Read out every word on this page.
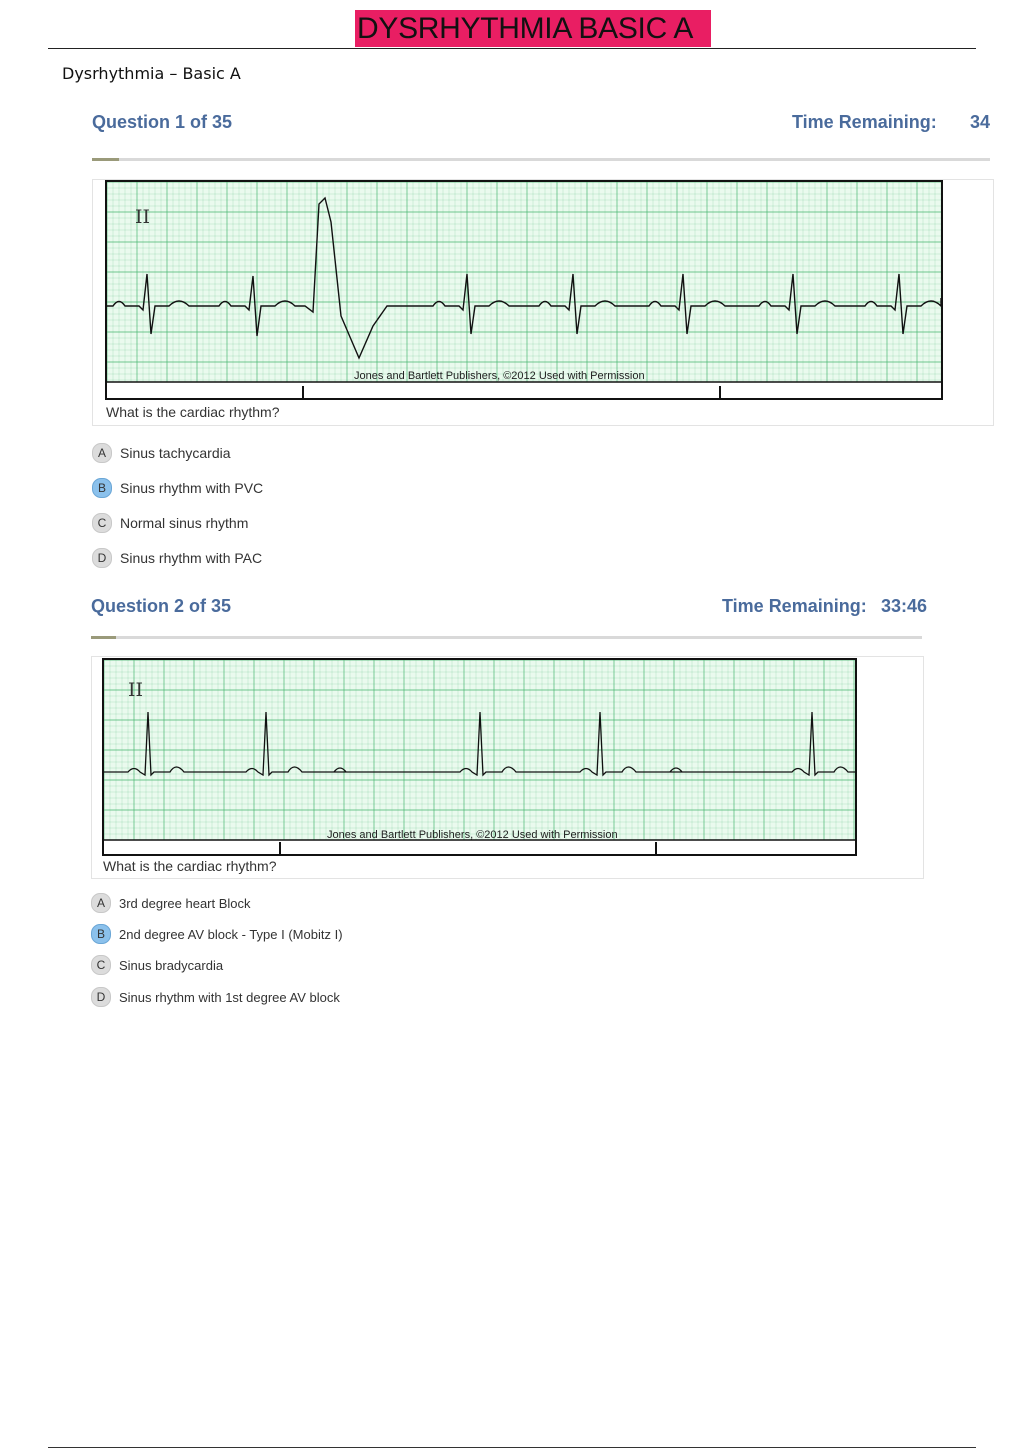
DYSRHYTHMIA BASIC A
Dysrhythmia – Basic A
Question 1 of 35	Time Remaining: 34
II
Jones and Bartlett Publishers, ©2012 Used with Permission
What is the cardiac rhythm?
A	Sinus tachycardia
B	Sinus rhythm with PVC
C Normal sinus rhythm
D Sinus rhythm with PAC
Question 2 of 35	Time Remaining: 33:46
II
Jones and Bartlett Publishers, ©2012 Used with Permission
What is the cardiac rhythm?
A	3rd degree heart Block
B	2nd degree AV block - Type I (Mobitz I)
C	Sinus bradycardia
D	Sinus rhythm with 1st degree AV block
